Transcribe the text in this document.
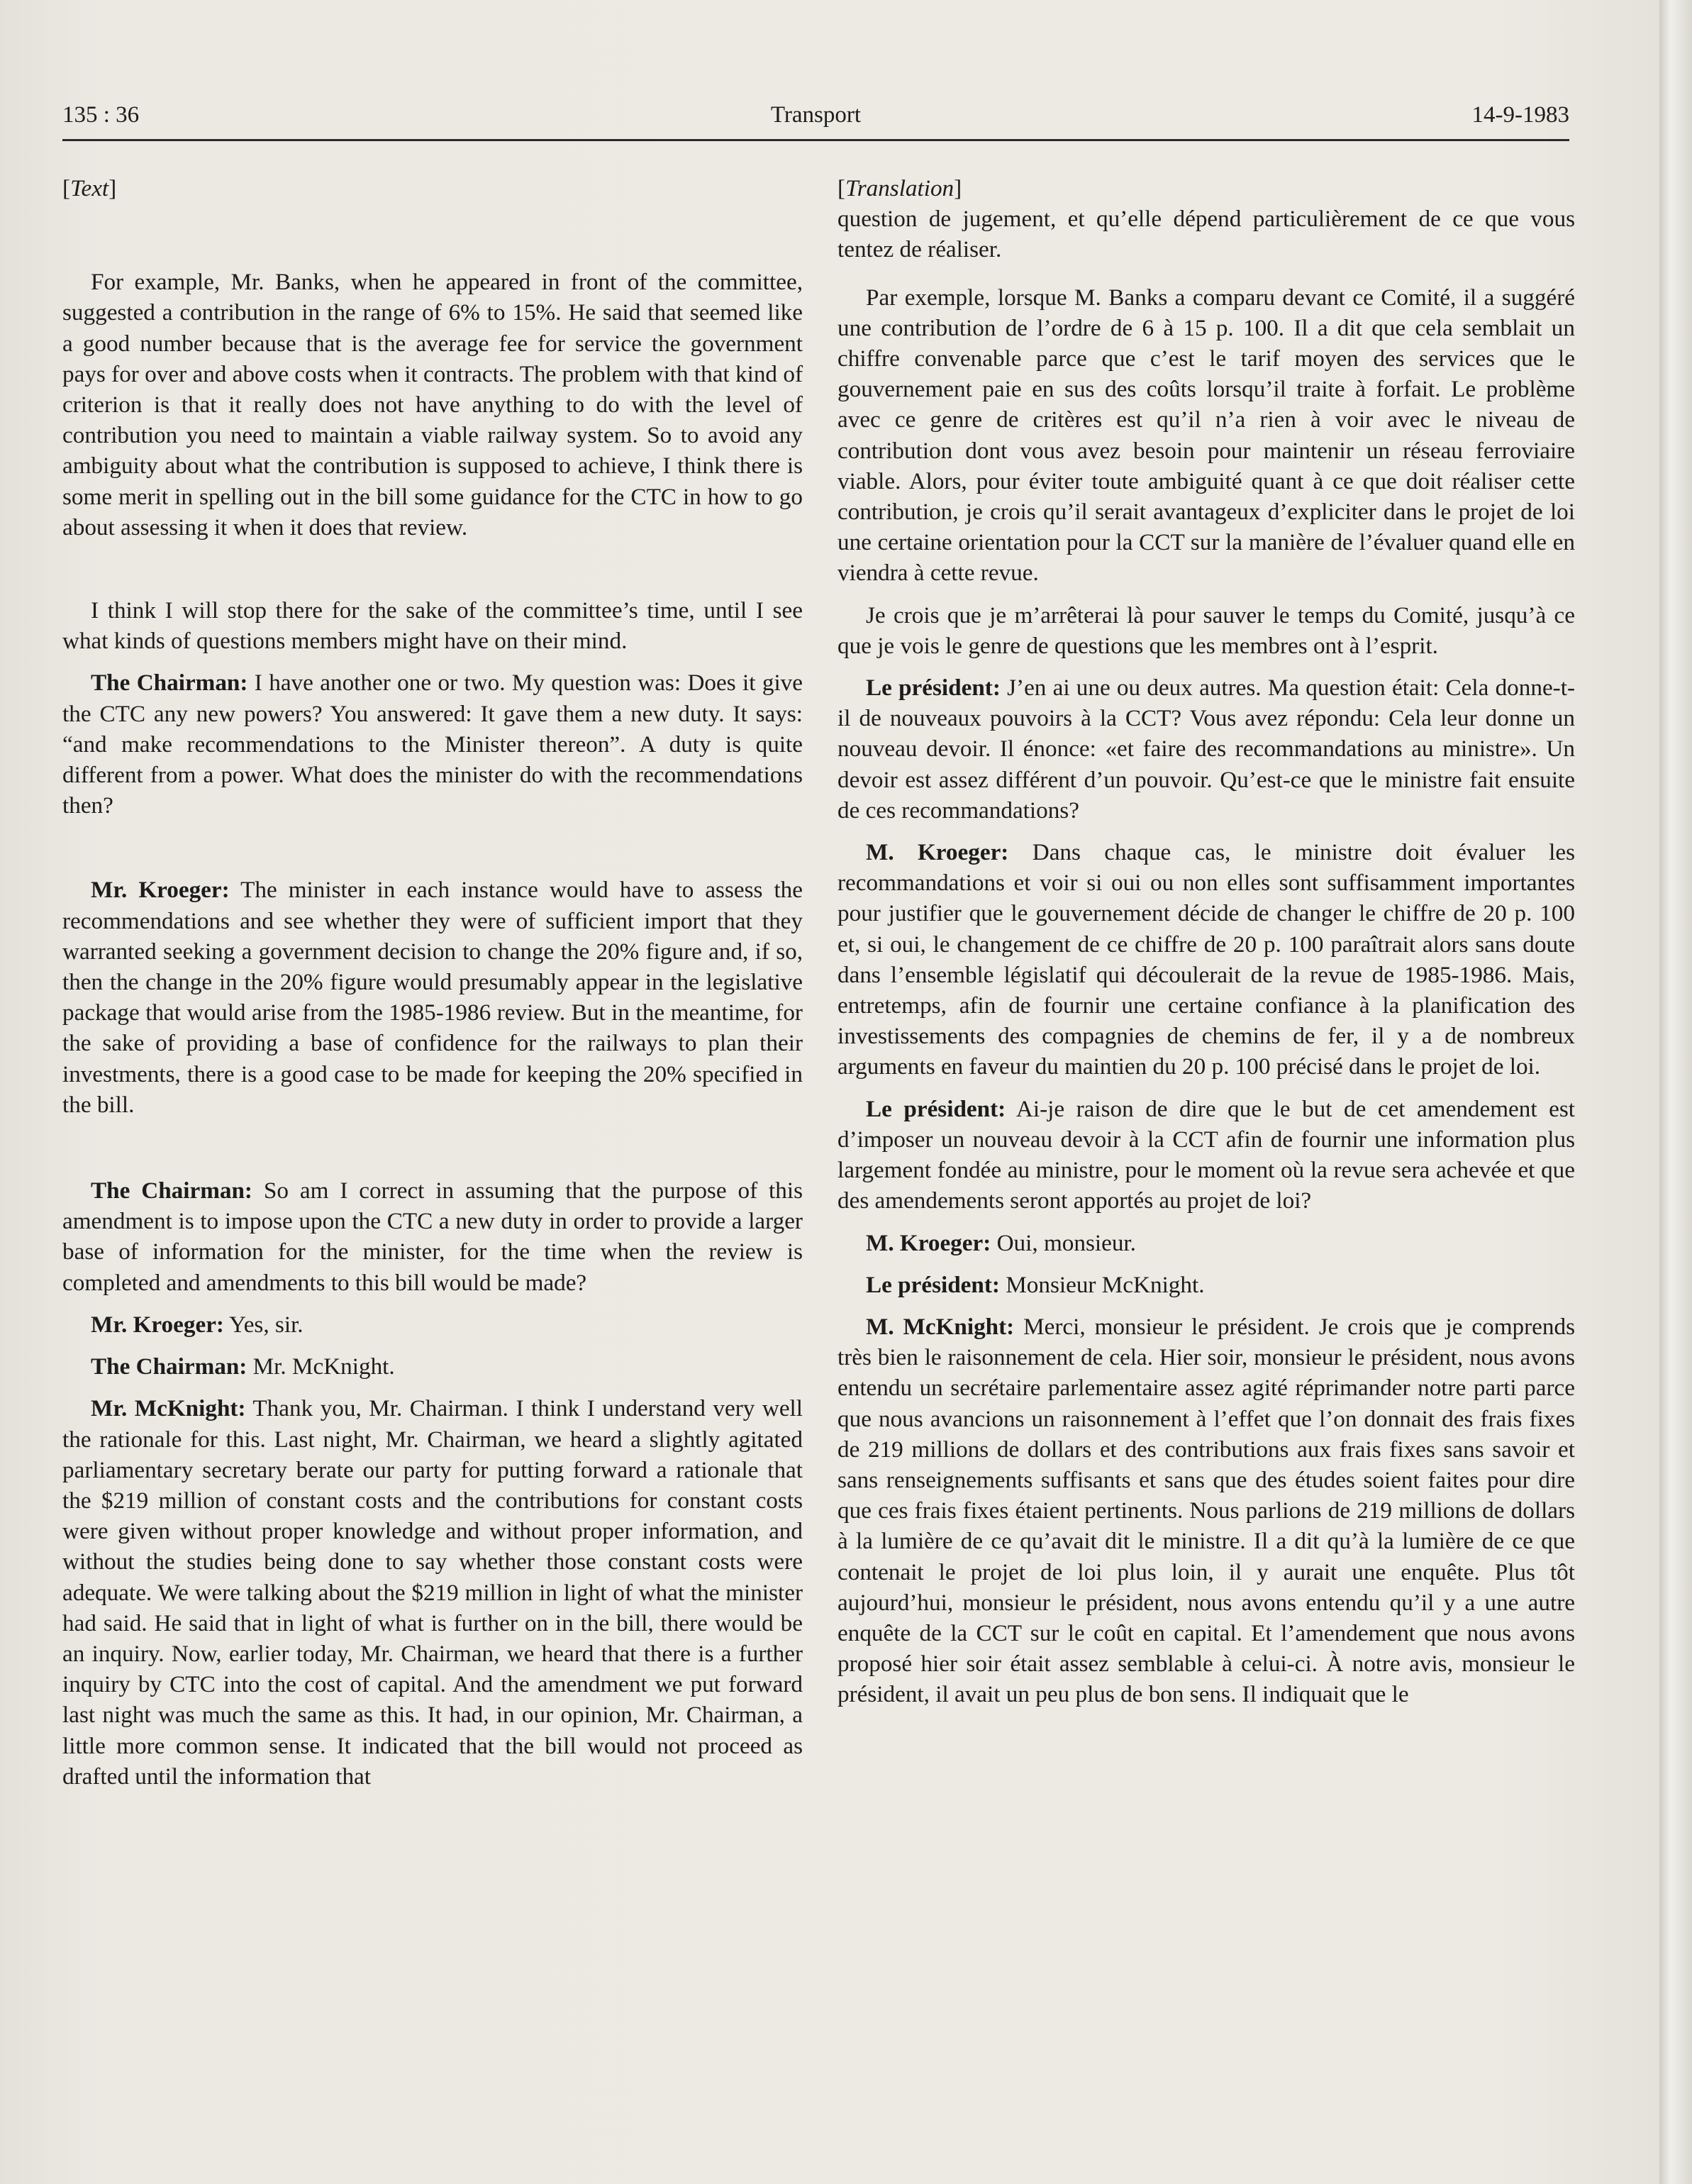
135 : 36	Transport	14-9-1983

[Text]

For example, Mr. Banks, when he appeared in front of the committee, suggested a contribution in the range of 6% to 15%. He said that seemed like a good number because that is the average fee for service the government pays for over and above costs when it contracts. The problem with that kind of criterion is that it really does not have anything to do with the level of contribution you need to maintain a viable railway system. So to avoid any ambiguity about what the contribution is supposed to achieve, I think there is some merit in spelling out in the bill some guidance for the CTC in how to go about assessing it when it does that review.

I think I will stop there for the sake of the committee’s time, until I see what kinds of questions members might have on their mind.

The Chairman: I have another one or two. My question was: Does it give the CTC any new powers? You answered: It gave them a new duty. It says: “and make recommendations to the Minister thereon”. A duty is quite different from a power. What does the minister do with the recommendations then?

Mr. Kroeger: The minister in each instance would have to assess the recommendations and see whether they were of sufficient import that they warranted seeking a government decision to change the 20% figure and, if so, then the change in the 20% figure would presumably appear in the legislative package that would arise from the 1985-1986 review. But in the meantime, for the sake of providing a base of confidence for the railways to plan their investments, there is a good case to be made for keeping the 20% specified in the bill.

The Chairman: So am I correct in assuming that the purpose of this amendment is to impose upon the CTC a new duty in order to provide a larger base of information for the minister, for the time when the review is completed and amendments to this bill would be made?

Mr. Kroeger: Yes, sir.

The Chairman: Mr. McKnight.

Mr. McKnight: Thank you, Mr. Chairman. I think I understand very well the rationale for this. Last night, Mr. Chairman, we heard a slightly agitated parliamentary secretary berate our party for putting forward a rationale that the $219 million of constant costs and the contributions for constant costs were given without proper knowledge and without proper information, and without the studies being done to say whether those constant costs were adequate. We were talking about the $219 million in light of what the minister had said. He said that in light of what is further on in the bill, there would be an inquiry. Now, earlier today, Mr. Chairman, we heard that there is a further inquiry by CTC into the cost of capital. And the amendment we put forward last night was much the same as this. It had, in our opinion, Mr. Chairman, a little more common sense. It indicated that the bill would not proceed as drafted until the information that

[Translation]

question de jugement, et qu’elle dépend particulièrement de ce que vous tentez de réaliser.

Par exemple, lorsque M. Banks a comparu devant ce Comité, il a suggéré une contribution de l’ordre de 6 à 15 p. 100. Il a dit que cela semblait un chiffre convenable parce que c’est le tarif moyen des services que le gouvernement paie en sus des coûts lorsqu’il traite à forfait. Le problème avec ce genre de critères est qu’il n’a rien à voir avec le niveau de contribution dont vous avez besoin pour maintenir un réseau ferroviaire viable. Alors, pour éviter toute ambiguité quant à ce que doit réaliser cette contribution, je crois qu’il serait avantageux d’expliciter dans le projet de loi une certaine orientation pour la CCT sur la manière de l’évaluer quand elle en viendra à cette revue.

Je crois que je m’arrêterai là pour sauver le temps du Comité, jusqu’à ce que je vois le genre de questions que les membres ont à l’esprit.

Le président: J’en ai une ou deux autres. Ma question était: Cela donne-t-il de nouveaux pouvoirs à la CCT? Vous avez répondu: Cela leur donne un nouveau devoir. Il énonce: «et faire des recommandations au ministre». Un devoir est assez différent d’un pouvoir. Qu’est-ce que le ministre fait ensuite de ces recommandations?

M. Kroeger: Dans chaque cas, le ministre doit évaluer les recommandations et voir si oui ou non elles sont suffisamment importantes pour justifier que le gouvernement décide de changer le chiffre de 20 p. 100 et, si oui, le changement de ce chiffre de 20 p. 100 paraîtrait alors sans doute dans l’ensemble législatif qui découlerait de la revue de 1985-1986. Mais, entretemps, afin de fournir une certaine confiance à la planification des investissements des compagnies de chemins de fer, il y a de nombreux arguments en faveur du maintien du 20 p. 100 précisé dans le projet de loi.

Le président: Ai-je raison de dire que le but de cet amendement est d’imposer un nouveau devoir à la CCT afin de fournir une information plus largement fondée au ministre, pour le moment où la revue sera achevée et que des amendements seront apportés au projet de loi?

M. Kroeger: Oui, monsieur.

Le président: Monsieur McKnight.

M. McKnight: Merci, monsieur le président. Je crois que je comprends très bien le raisonnement de cela. Hier soir, monsieur le président, nous avons entendu un secrétaire parlementaire assez agité réprimander notre parti parce que nous avancions un raisonnement à l’effet que l’on donnait des frais fixes de 219 millions de dollars et des contributions aux frais fixes sans savoir et sans renseignements suffisants et sans que des études soient faites pour dire que ces frais fixes étaient pertinents. Nous parlions de 219 millions de dollars à la lumière de ce qu’avait dit le ministre. Il a dit qu’à la lumière de ce que contenait le projet de loi plus loin, il y aurait une enquête. Plus tôt aujourd’hui, monsieur le président, nous avons entendu qu’il y a une autre enquête de la CCT sur le coût en capital. Et l’amendement que nous avons proposé hier soir était assez semblable à celui-ci. À notre avis, monsieur le président, il avait un peu plus de bon sens. Il indiquait que le
